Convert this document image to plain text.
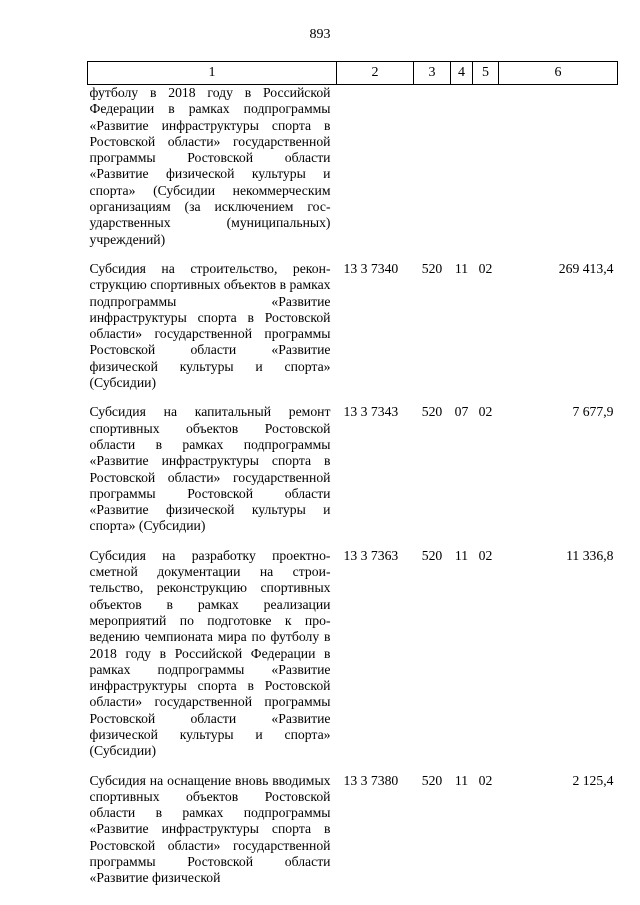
893
1	2	3	4	5	6
футболу в 2018 году в Российской Федерации в рамках подпрограммы «Развитие инфраструктуры спорта в Ростовской области» государственной программы Ростовской области «Развитие физической культуры и спорта» (Субсидии некоммерческим организациям (за исключением государственных (муниципальных) учреждений)					
Субсидия на строительство, реконструкцию спортивных объектов в рамках подпрограммы «Развитие инфраструктуры спорта в Ростовской области» государственной программы Ростовской области «Развитие физической культуры и спорта» (Субсидии)	13 3 7340	520	11	02	269 413,4
Субсидия на капитальный ремонт спортивных объектов Ростовской области в рамках подпрограммы «Развитие инфраструктуры спорта в Ростовской области» государственной программы Ростовской области «Развитие физической культуры и спорта» (Субсидии)	13 3 7343	520	07	02	7 677,9
Субсидия на разработку проектно-сметной документации на строительство, реконструкцию спортивных объектов в рамках реализации мероприятий по подготовке к проведению чемпионата мира по футболу в 2018 году в Российской Федерации в рамках подпрограммы «Развитие инфраструктуры спорта в Ростовской области» государственной программы Ростовской области «Развитие физической культуры и спорта» (Субсидии)	13 3 7363	520	11	02	11 336,8
Субсидия на оснащение вновь вводимых спортивных объектов Ростовской области в рамках подпрограммы «Развитие инфраструктуры спорта в Ростовской области» государственной программы Ростовской области «Развитие физической	13 3 7380	520	11	02	2 125,4
